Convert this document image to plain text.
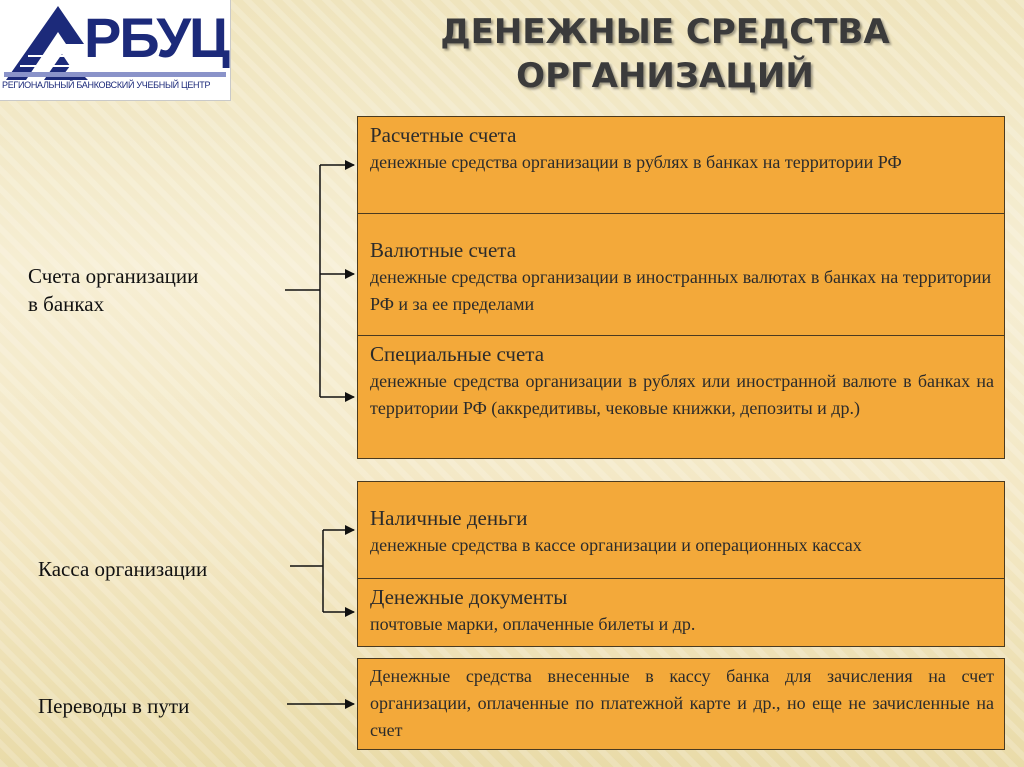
РБУЦ
РЕГИОНАЛЬНЫЙ БАНКОВСКИЙ УЧЕБНЫЙ ЦЕНТР
ДЕНЕЖНЫЕ СРЕДСТВА
ОРГАНИЗАЦИЙ
Счета организации
в банках
Касса организации
Переводы в пути
Расчетные счета
денежные средства организации в рублях в банках на территории РФ
Валютные счета
денежные средства организации в иностранных валютах в банках на территории РФ и за ее пределами
Специальные счета
денежные средства организации в рублях или иностранной валюте в банках на территории РФ (аккредитивы, чековые книжки, депозиты и др.)
Наличные деньги
денежные средства в кассе организации и операционных кассах
Денежные документы
почтовые марки, оплаченные билеты и др.
Денежные средства внесенные в кассу банка для зачисления на счет организации, оплаченные по платежной карте и др., но еще не зачисленные на счет
